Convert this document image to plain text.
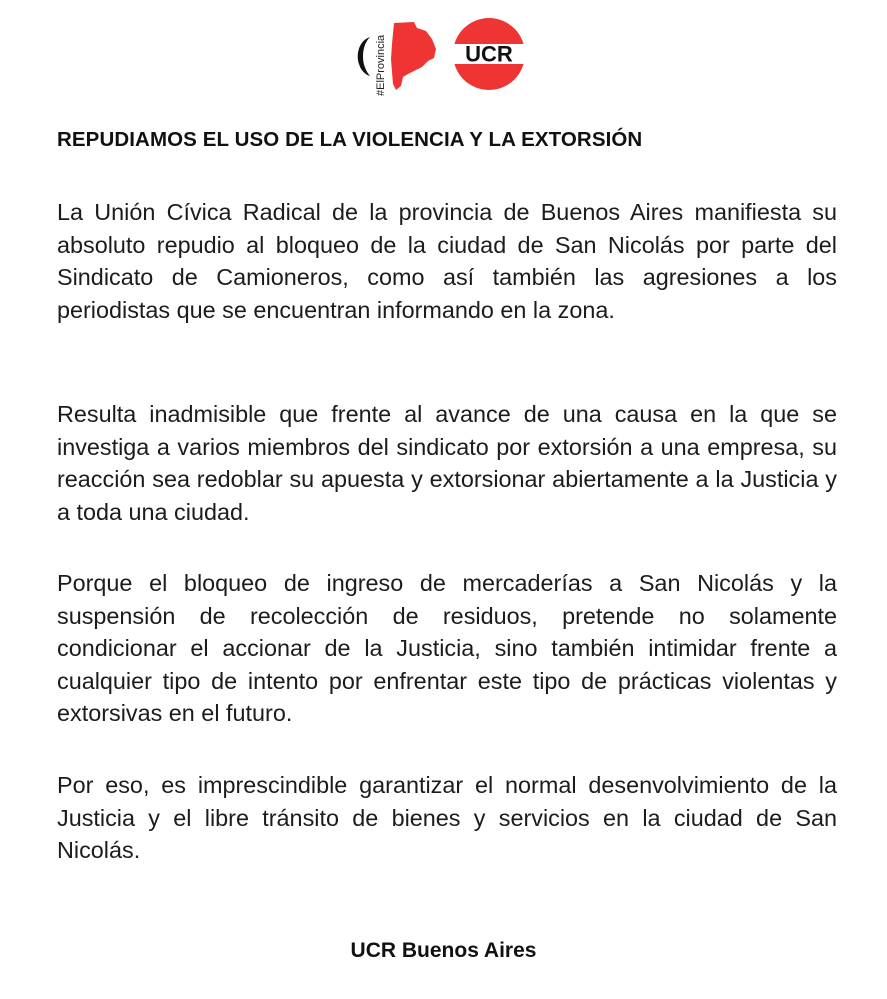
#ElProvincia	UCR
REPUDIAMOS EL USO DE LA VIOLENCIA Y LA EXTORSIÓN

La Unión Cívica Radical de la provincia de Buenos Aires manifiesta su absoluto repudio al bloqueo de la ciudad de San Nicolás por parte del Sindicato de Camioneros, como así también las agresiones a los periodistas que se encuentran informando en la zona.

Resulta inadmisible que frente al avance de una causa en la que se investiga a varios miembros del sindicato por extorsión a una empresa, su reacción sea redoblar su apuesta y extorsionar abiertamente a la Justicia y a toda una ciudad.

Porque el bloqueo de ingreso de mercaderías a San Nicolás y la suspensión de recolección de residuos, pretende no solamente condicionar el accionar de la Justicia, sino también intimidar frente a cualquier tipo de intento por enfrentar este tipo de prácticas violentas y extorsivas en el futuro.

Por eso, es imprescindible garantizar el normal desenvolvimiento de la Justicia y el libre tránsito de bienes y servicios en la ciudad de San Nicolás.

UCR Buenos Aires
